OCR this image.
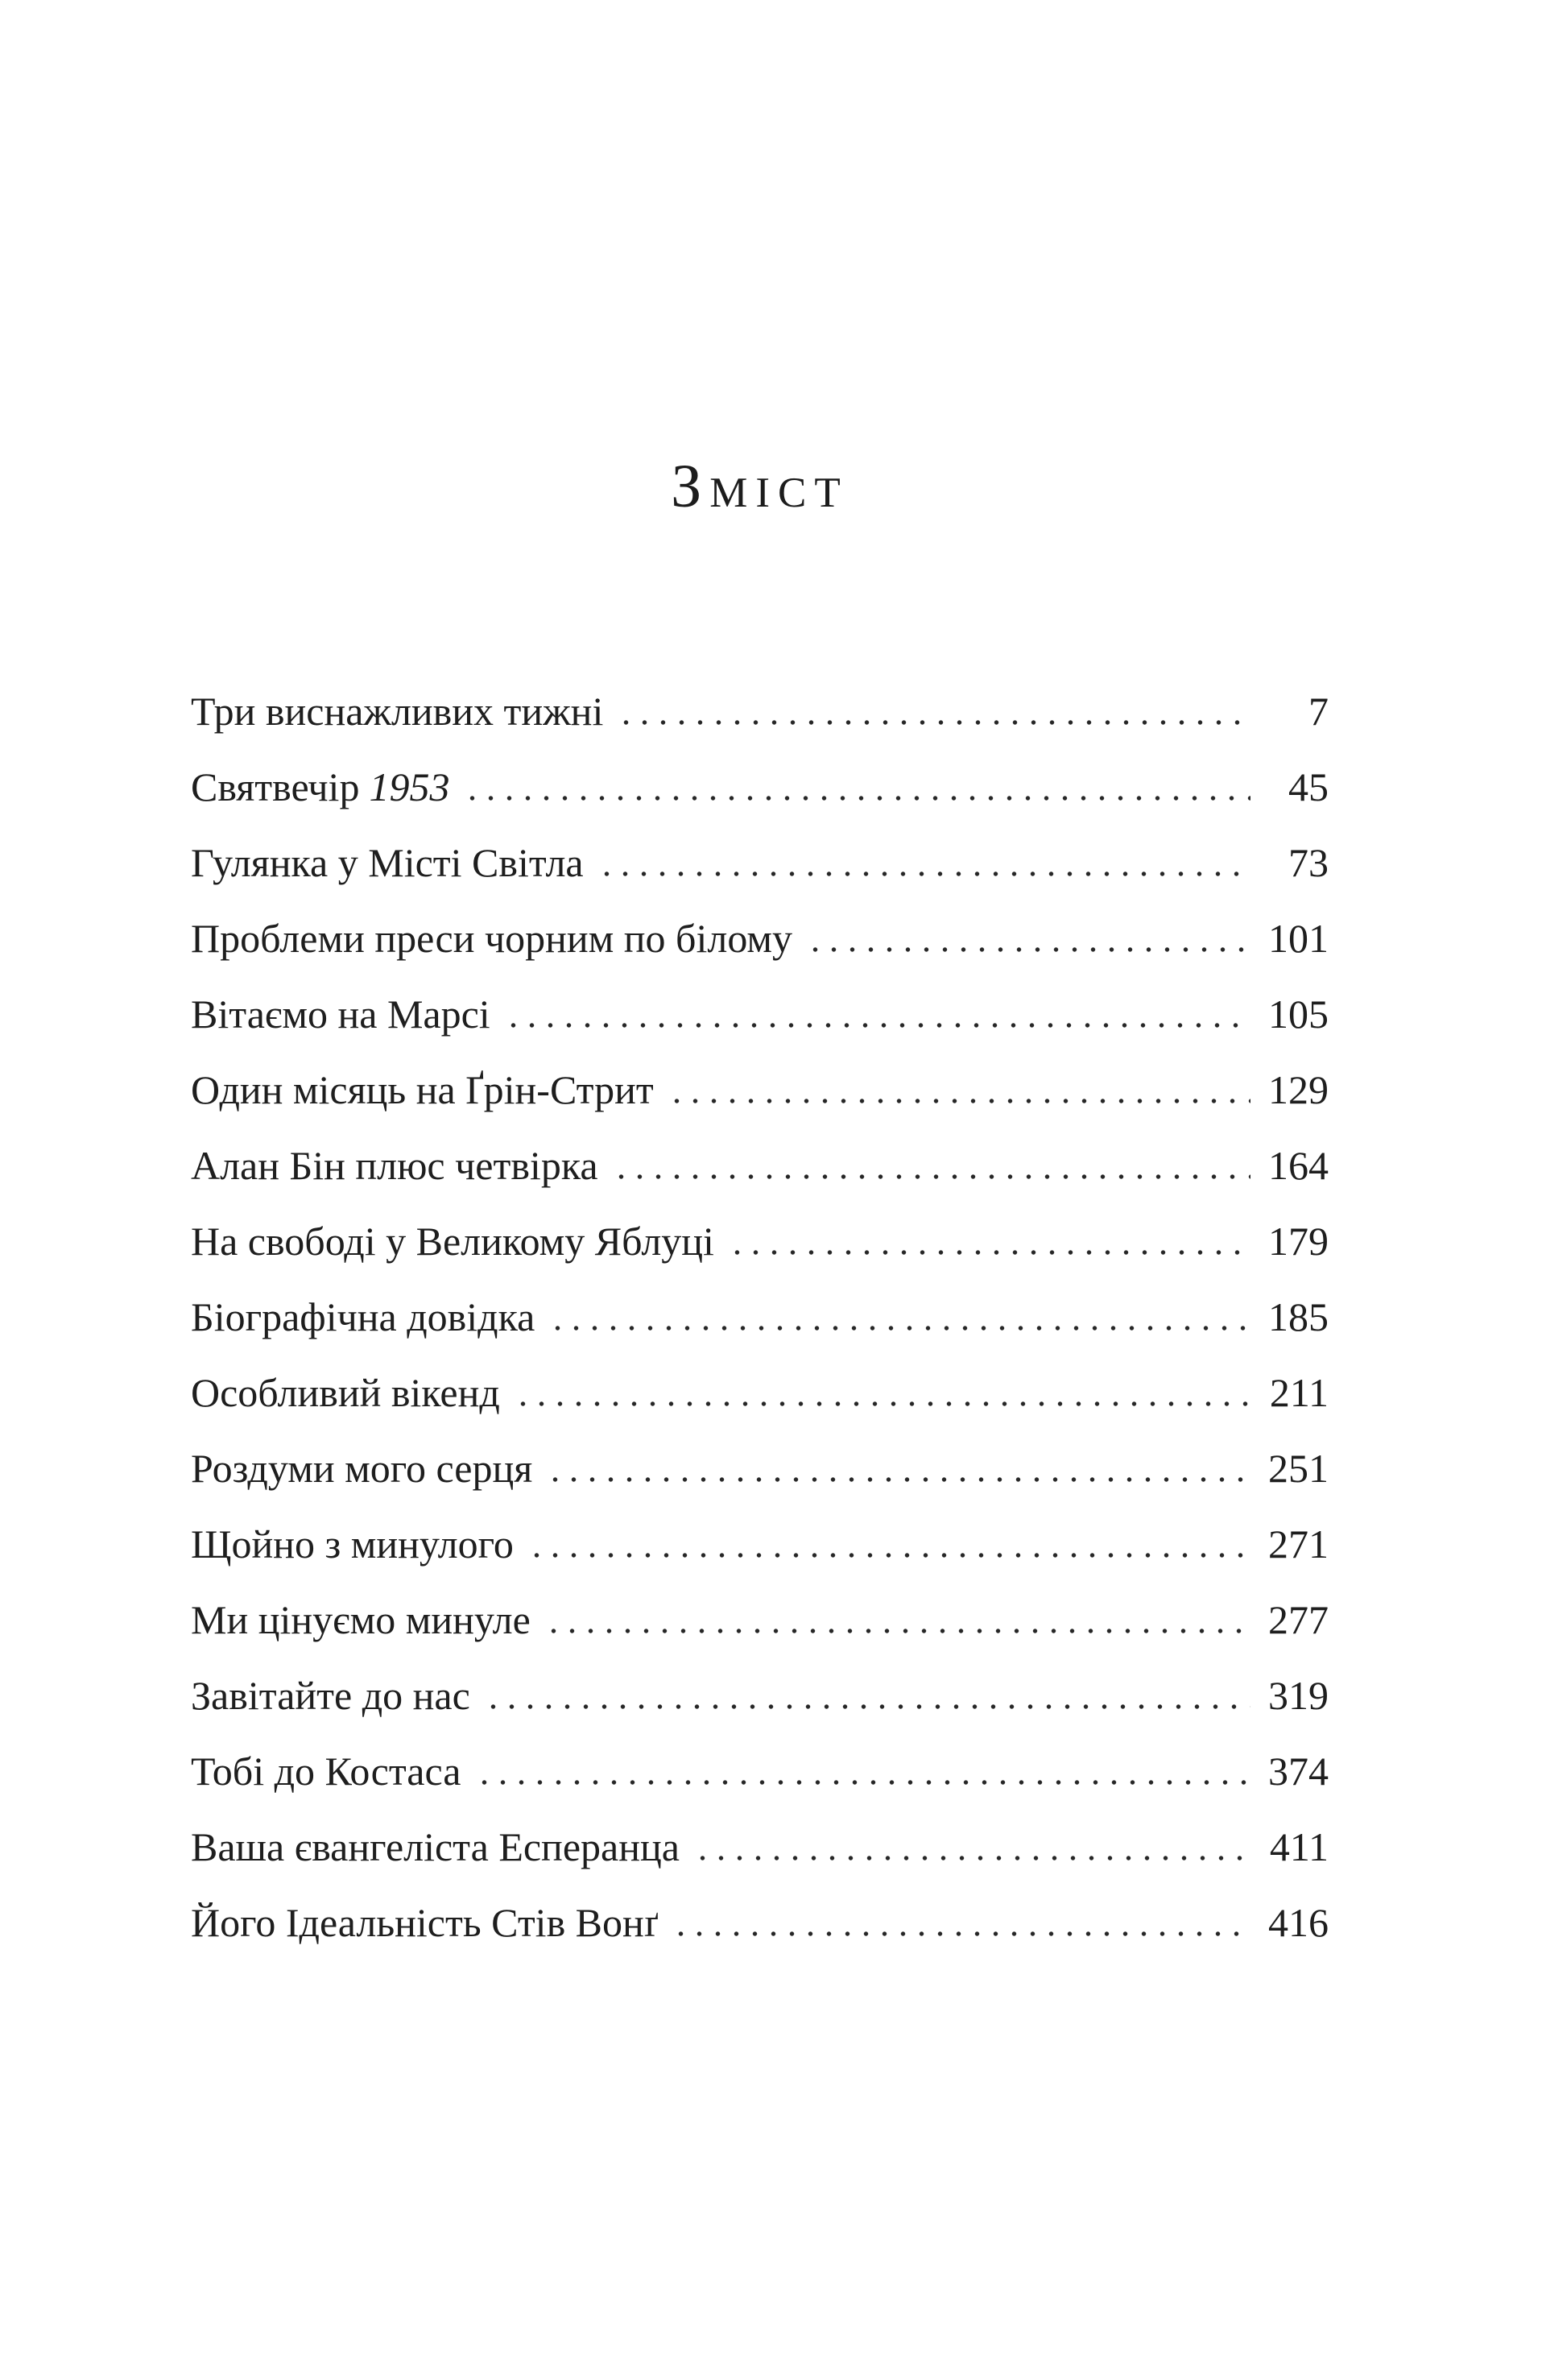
Зміст
Три виснажливих тижні	7
Святвечір 1953	45
Гулянка у Місті Світла	73
Проблеми преси чорним по білому	101
Вітаємо на Марсі	105
Один місяць на Ґрін-Стрит	129
Алан Бін плюс четвірка	164
На свободі у Великому Яблуці	179
Біографічна довідка	185
Особливий вікенд	211
Роздуми мого серця	251
Щойно з минулого	271
Ми цінуємо минуле	277
Завітайте до нас	319
Тобі до Костаса	374
Ваша євангеліста Есперанца	411
Його Ідеальність Стів Вонґ	416
